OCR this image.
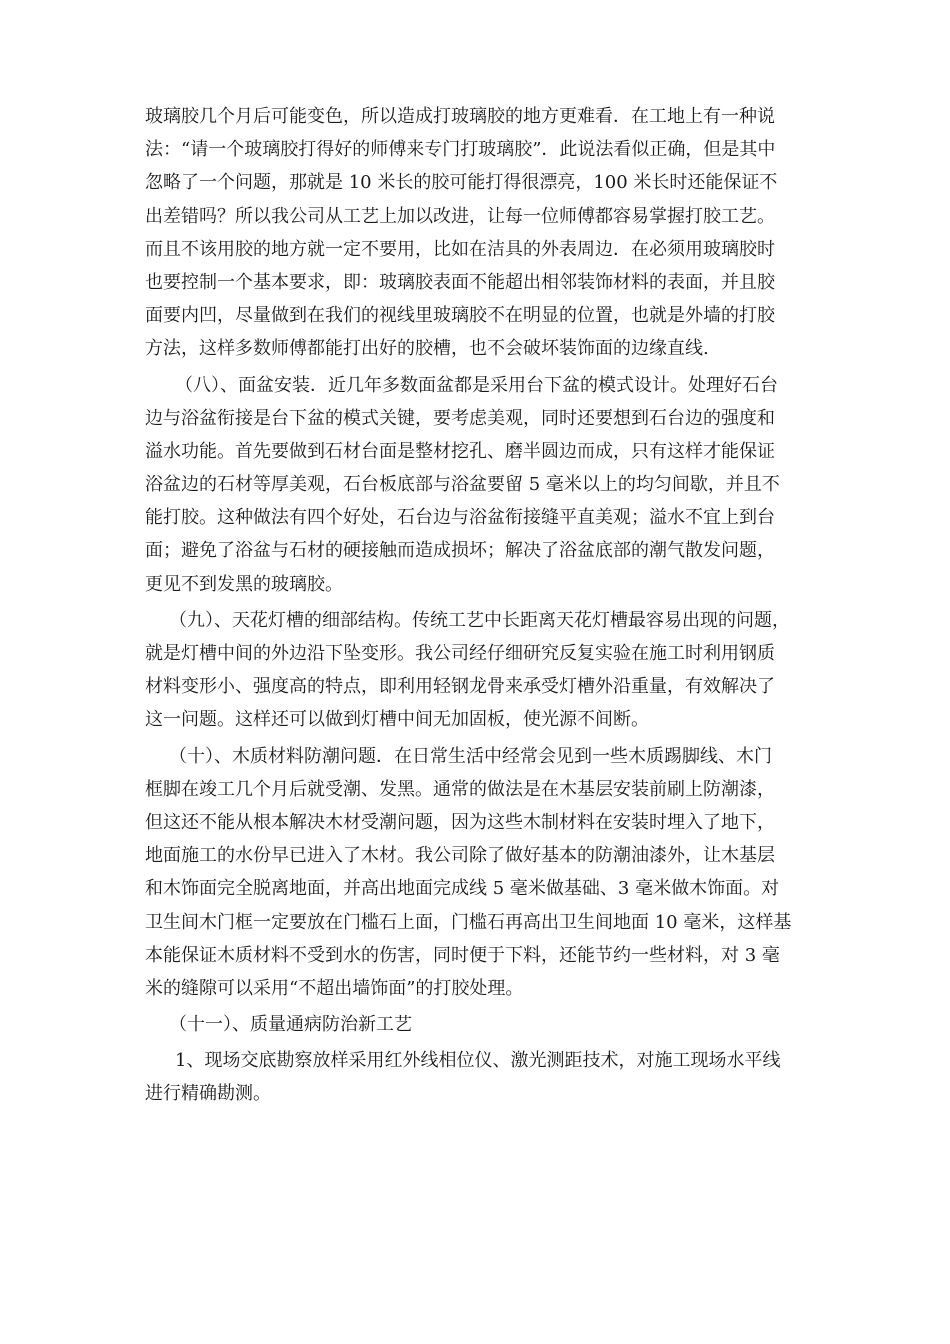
玻璃胶几个月后可能变色，所以造成打玻璃胶的地方更难看．在工地上有一种说
法：“请一个玻璃胶打得好的师傅来专门打玻璃胶”．此说法看似正确，但是其中
忽略了一个问题，那就是 10 米长的胶可能打得很漂亮，100 米长时还能保证不
出差错吗？所以我公司从工艺上加以改进，让每一位师傅都容易掌握打胶工艺。
而且不该用胶的地方就一定不要用，比如在洁具的外表周边．在必须用玻璃胶时
也要控制一个基本要求，即：玻璃胶表面不能超出相邻装饰材料的表面，并且胶
面要内凹，尽量做到在我们的视线里玻璃胶不在明显的位置，也就是外墙的打胶
方法，这样多数师傅都能打出好的胶槽，也不会破坏装饰面的边缘直线.
（八）、面盆安装．近几年多数面盆都是采用台下盆的模式设计。处理好石台
边与浴盆衔接是台下盆的模式关键，要考虑美观，同时还要想到石台边的强度和
溢水功能。首先要做到石材台面是整材挖孔、磨半圆边而成，只有这样才能保证
浴盆边的石材等厚美观，石台板底部与浴盆要留 5 毫米以上的均匀间歇，并且不
能打胶。这种做法有四个好处，石台边与浴盆衔接缝平直美观；溢水不宜上到台
面；避免了浴盆与石材的硬接触而造成损坏；解决了浴盆底部的潮气散发问题，
更见不到发黑的玻璃胶。
（九）、天花灯槽的细部结构。传统工艺中长距离天花灯槽最容易出现的问题，
就是灯槽中间的外边沿下坠变形。我公司经仔细研究反复实验在施工时利用钢质
材料变形小、强度高的特点，即利用轻钢龙骨来承受灯槽外沿重量，有效解决了
这一问题。这样还可以做到灯槽中间无加固板，使光源不间断。
（十）、木质材料防潮问题．在日常生活中经常会见到一些木质踢脚线、木门
框脚在竣工几个月后就受潮、发黑。通常的做法是在木基层安装前刷上防潮漆，
但这还不能从根本解决木材受潮问题，因为这些木制材料在安装时埋入了地下，
地面施工的水份早已进入了木材。我公司除了做好基本的防潮油漆外，让木基层
和木饰面完全脱离地面，并高出地面完成线 5 毫米做基础、3 毫米做木饰面。对
卫生间木门框一定要放在门槛石上面，门槛石再高出卫生间地面 10 毫米，这样基
本能保证木质材料不受到水的伤害，同时便于下料，还能节约一些材料，对 3 毫
米的缝隙可以采用“不超出墙饰面”的打胶处理。
（十一）、质量通病防治新工艺
1、现场交底勘察放样采用红外线相位仪、激光测距技术，对施工现场水平线
进行精确勘测。
